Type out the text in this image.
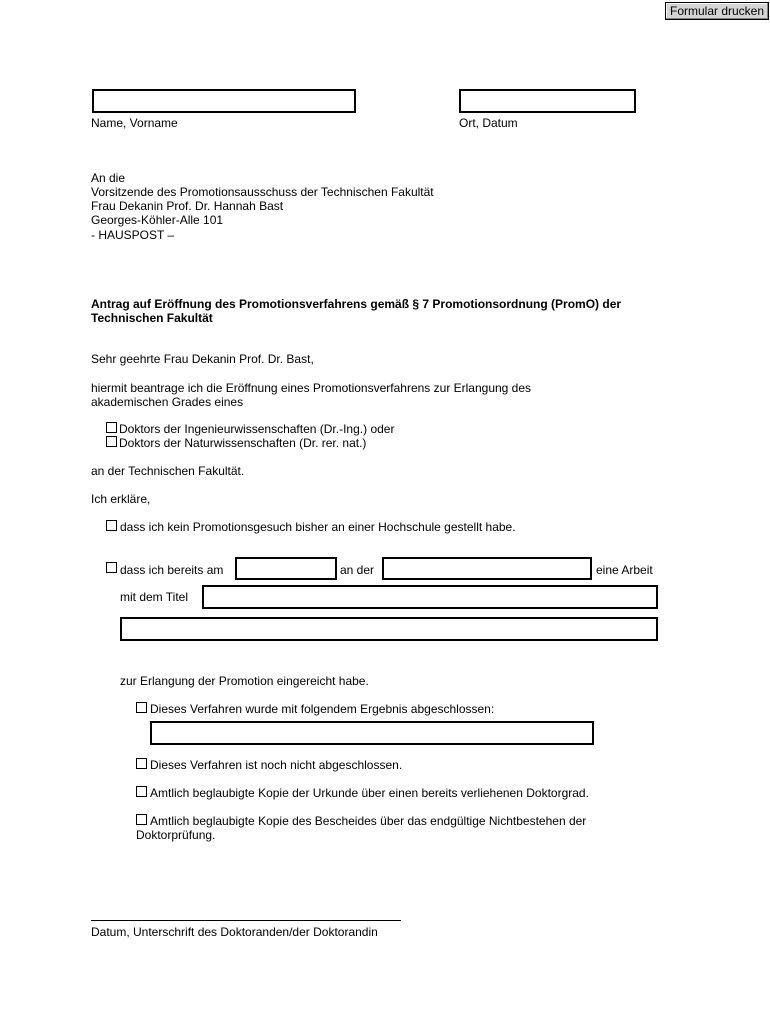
Formular drucken
Name, Vorname	Ort, Datum
An die
Vorsitzende des Promotionsausschuss der Technischen Fakultät
Frau Dekanin Prof. Dr. Hannah Bast
Georges-Köhler-Alle 101
- HAUSPOST –
Antrag auf Eröffnung des Promotionsverfahrens gemäß § 7 Promotionsordnung (PromO) der
Technischen Fakultät
Sehr geehrte Frau Dekanin Prof. Dr. Bast,
hiermit beantrage ich die Eröffnung eines Promotionsverfahrens zur Erlangung des
akademischen Grades eines
Doktors der Ingenieurwissenschaften (Dr.-Ing.) oder
Doktors der Naturwissenschaften (Dr. rer. nat.)
an der Technischen Fakultät.
Ich erkläre,
dass ich kein Promotionsgesuch bisher an einer Hochschule gestellt habe.
dass ich bereits am	an der	eine Arbeit
mit dem Titel
zur Erlangung der Promotion eingereicht habe.
Dieses Verfahren wurde mit folgendem Ergebnis abgeschlossen:
Dieses Verfahren ist noch nicht abgeschlossen.
Amtlich beglaubigte Kopie der Urkunde über einen bereits verliehenen Doktorgrad.
Amtlich beglaubigte Kopie des Bescheides über das endgültige Nichtbestehen der
Doktorprüfung.
Datum, Unterschrift des Doktoranden/der Doktorandin
